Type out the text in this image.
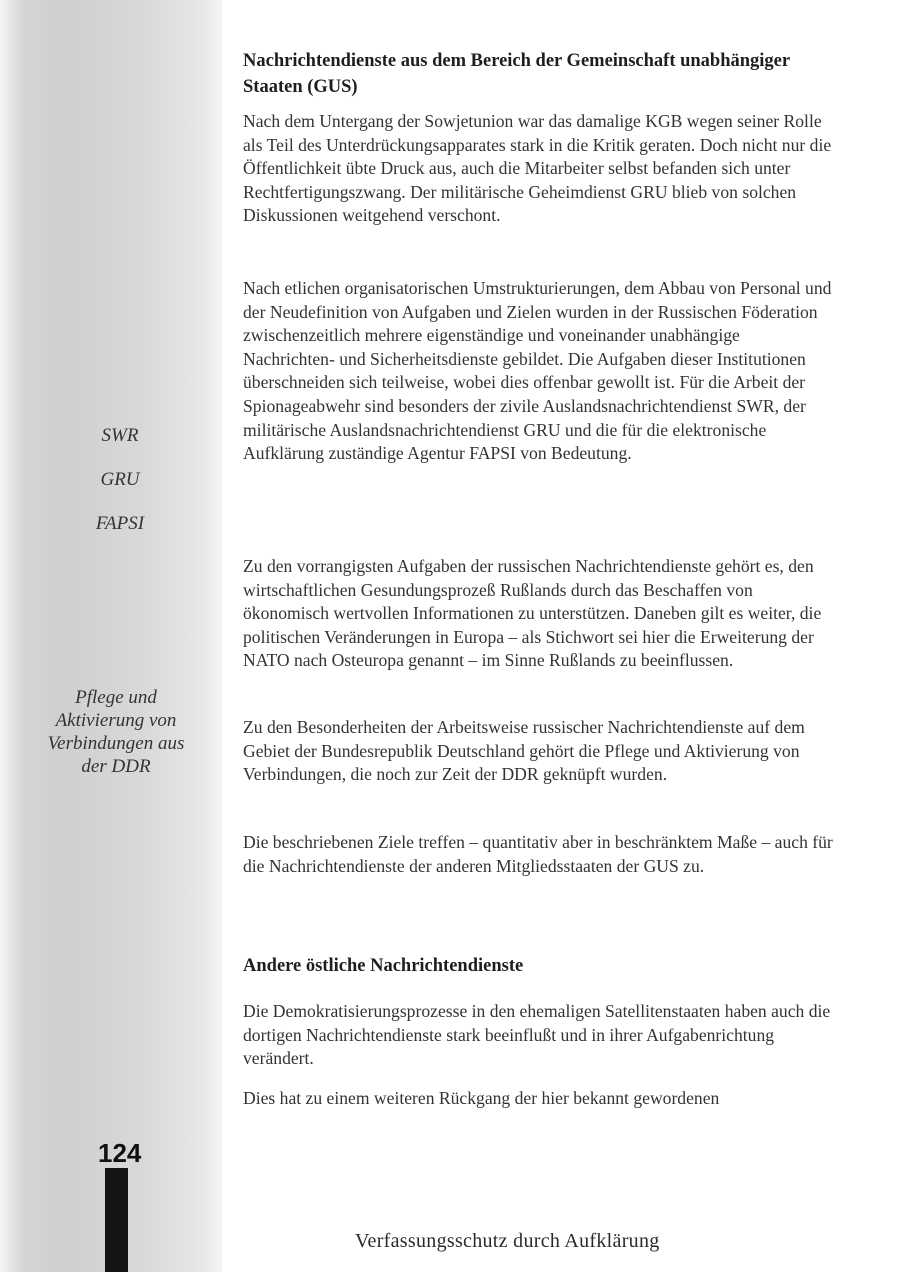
SWR
GRU
FAPSI
Pflege und Aktivierung von Verbindungen aus der DDR
124
Nachrichtendienste aus dem Bereich der Gemeinschaft unabhängiger Staaten (GUS)

Nach dem Untergang der Sowjetunion war das damalige KGB wegen seiner Rolle als Teil des Unterdrückungsapparates stark in die Kritik geraten. Doch nicht nur die Öffentlichkeit übte Druck aus, auch die Mitarbeiter selbst befanden sich unter Rechtfertigungszwang. Der militärische Geheimdienst GRU blieb von solchen Diskussionen weitgehend verschont.

Nach etlichen organisatorischen Umstrukturierungen, dem Abbau von Personal und der Neudefinition von Aufgaben und Zielen wurden in der Russischen Föderation zwischenzeitlich mehrere eigenständige und voneinander unabhängige Nachrichten- und Sicherheitsdienste gebildet. Die Aufgaben dieser Institutionen überschneiden sich teilweise, wobei dies offenbar gewollt ist. Für die Arbeit der Spionageabwehr sind besonders der zivile Auslandsnachrichtendienst SWR, der militärische Auslandsnachrichtendienst GRU und die für die elektronische Aufklärung zuständige Agentur FAPSI von Bedeutung.

Zu den vorrangigsten Aufgaben der russischen Nachrichtendienste gehört es, den wirtschaftlichen Gesundungsprozeß Rußlands durch das Beschaffen von ökonomisch wertvollen Informationen zu unterstützen. Daneben gilt es weiter, die politischen Veränderungen in Europa – als Stichwort sei hier die Erweiterung der NATO nach Osteuropa genannt – im Sinne Rußlands zu beeinflussen.

Zu den Besonderheiten der Arbeitsweise russischer Nachrichtendienste auf dem Gebiet der Bundesrepublik Deutschland gehört die Pflege und Aktivierung von Verbindungen, die noch zur Zeit der DDR geknüpft wurden.

Die beschriebenen Ziele treffen – quantitativ aber in beschränktem Maße – auch für die Nachrichtendienste der anderen Mitgliedsstaaten der GUS zu.

Andere östliche Nachrichtendienste

Die Demokratisierungsprozesse in den ehemaligen Satellitenstaaten haben auch die dortigen Nachrichtendienste stark beeinflußt und in ihrer Aufgabenrichtung verändert.

Dies hat zu einem weiteren Rückgang der hier bekannt gewordenen

Verfassungsschutz durch Aufklärung
